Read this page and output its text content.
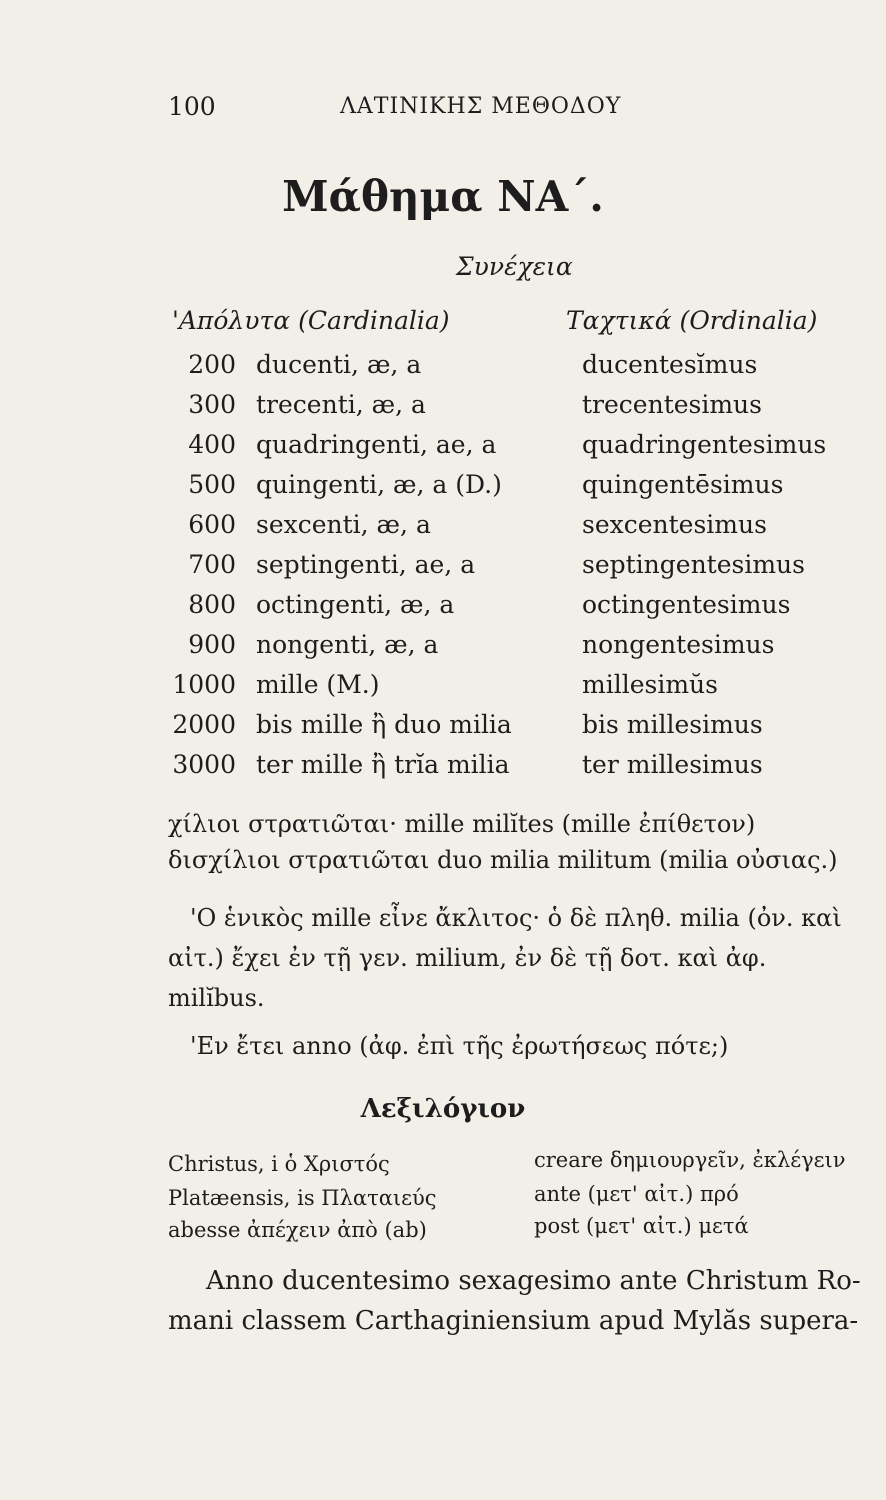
100	ΛΑΤΙΝΙΚΗΣ ΜΕΘΟΔΟΥ
Μάθημα ΝΑ΄.
Συνέχεια
'Απόλυτα (Cardinalia)	Ταχτικά (Ordinalia)
200 ducenti, æ, a	ducentesĭmus
300 trecenti, æ, a	trecentesimus
400 quadringenti, ae, a	quadringentesimus
500 quingenti, æ, a (D.)	quingentēsimus
600 sexcenti, æ, a	sexcentesimus
700 septingenti, ae, a	septingentesimus
800 octingenti, æ, a	octingentesimus
900 nongenti, æ, a	nongentesimus
1000 mille (M.)	millesimŭs
2000 bis mille ἢ duo milia	bis millesimus
3000 ter mille ἢ trĭa milia	ter millesimus
χίλιοι στρατιῶται· mille milĭtes (mille ἐπίθετον)
δισχίλιοι στρατιῶται duo milia militum (milia οὐσιας.)
'Ο ἑνικὸς mille εἶνε ἄκλιτος· ὁ δὲ πληθ. milia (ὀν. καὶ
αἰτ.) ἔχει ἐν τῇ γεν. milium, ἐν δὲ τῇ δοτ. καὶ ἀφ.
milĭbus.
'Εν ἔτει anno (ἀφ. ἐπὶ τῆς ἐρωτήσεως πότε;)
Λεξιλόγιον
Christus, i ὁ Χριστός
Platæensis, is Πλαταιεύς
abesse ἀπέχειν ἀπὸ (ab)
creare δημιουργεῖν, ἐκλέγειν
ante (μετ' αἰτ.) πρό
post (μετ' αἰτ.) μετά
Anno ducentesimo sexagesimo ante Christum Ro-
mani classem Carthaginiensium apud Mylăs supera-
